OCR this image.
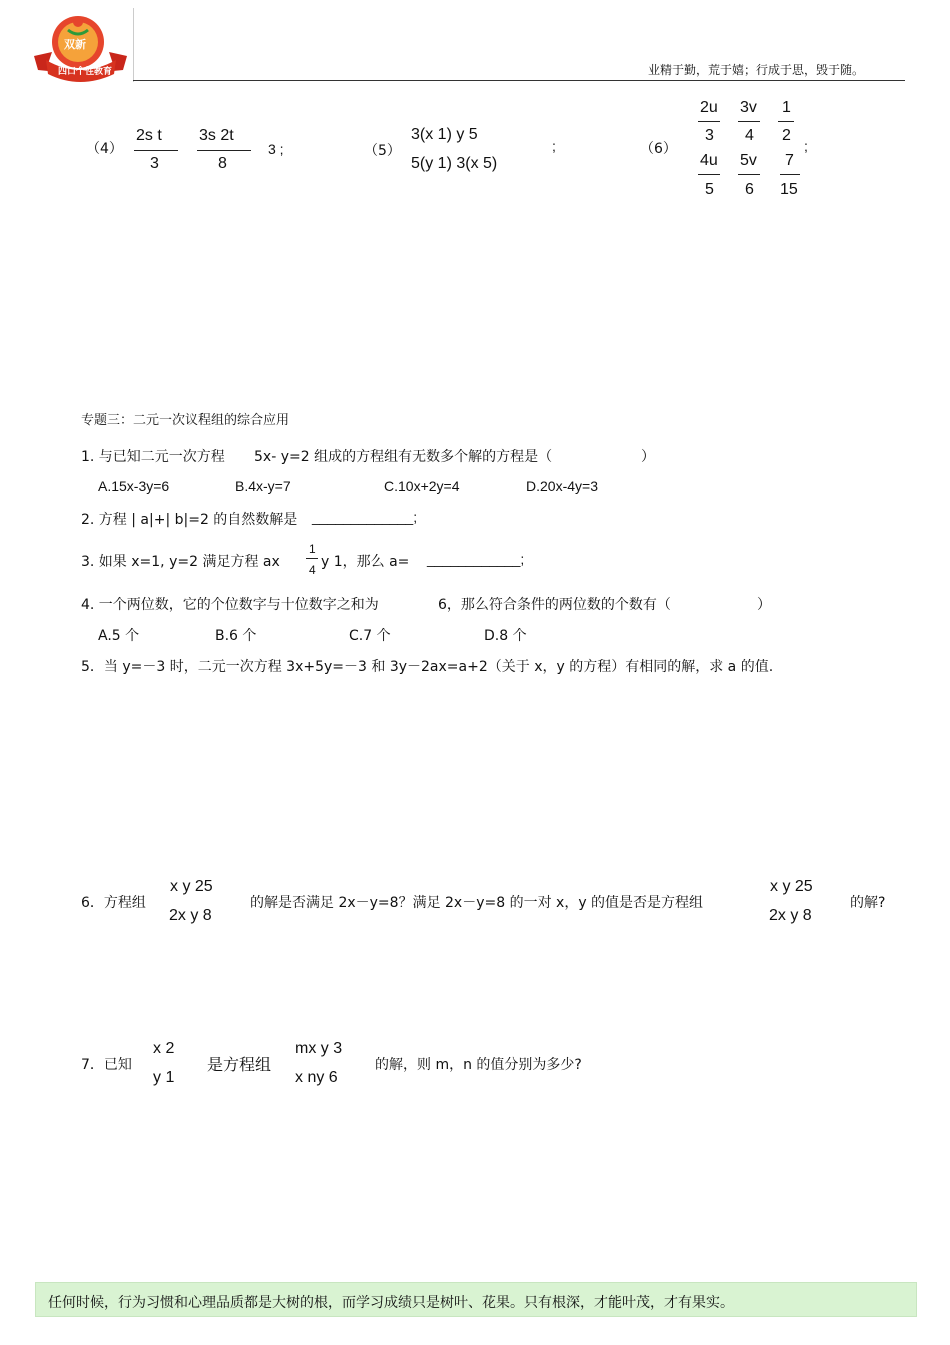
双新
四口个性教育	业精于勤，荒于嬉；行成于思，毁于随。
（4）
2s t
3
3s 2t
8
3 ;	（5）
3(x 1) y 5
5(y 1) 3(x 5)
;	（6）
2u
3
3v
4
1
2
;
4u
5
5v
6
7
15
专题三：二元一次议程组的综合应用
1. 与已知二元一次方程 5x- y=2 组成的方程组有无数多个解的方程是（	）
A.15x-3y=6	B.4x-y=7	C.10x+2y=4	D.20x-4y=3
2. 方程 | a|+| b|=2 的自然数解是 _____________;
3. 如果 x=1, y=2 满足方程 ax
1
4 y 1，那么 a= ____________;
4. 一个两位数，它的个位数字与十位数字之和为	6，那么符合条件的两位数的个数有（	）
A.5 个	B.6 个	C.7 个	D.8 个
5．当 y=－3 时，二元一次方程 3x+5y=－3 和 3y－2ax=a+2（关于 x，y 的方程）有相同的解，求 a 的值.
6．方程组
x y 25
2x y 8
的解是否满足 2x－y=8？满足 2x－y=8 的一对 x，y 的值是否是方程组
x y 25
2x y 8
的解?
7．已知
x 2
y 1
是方程组
mx y 3
x ny 6
的解，则 m，n 的值分别为多少?
任何时候，行为习惯和心理品质都是大树的根，而学习成绩只是树叶、花果。只有根深，才能叶茂，才有果实。
